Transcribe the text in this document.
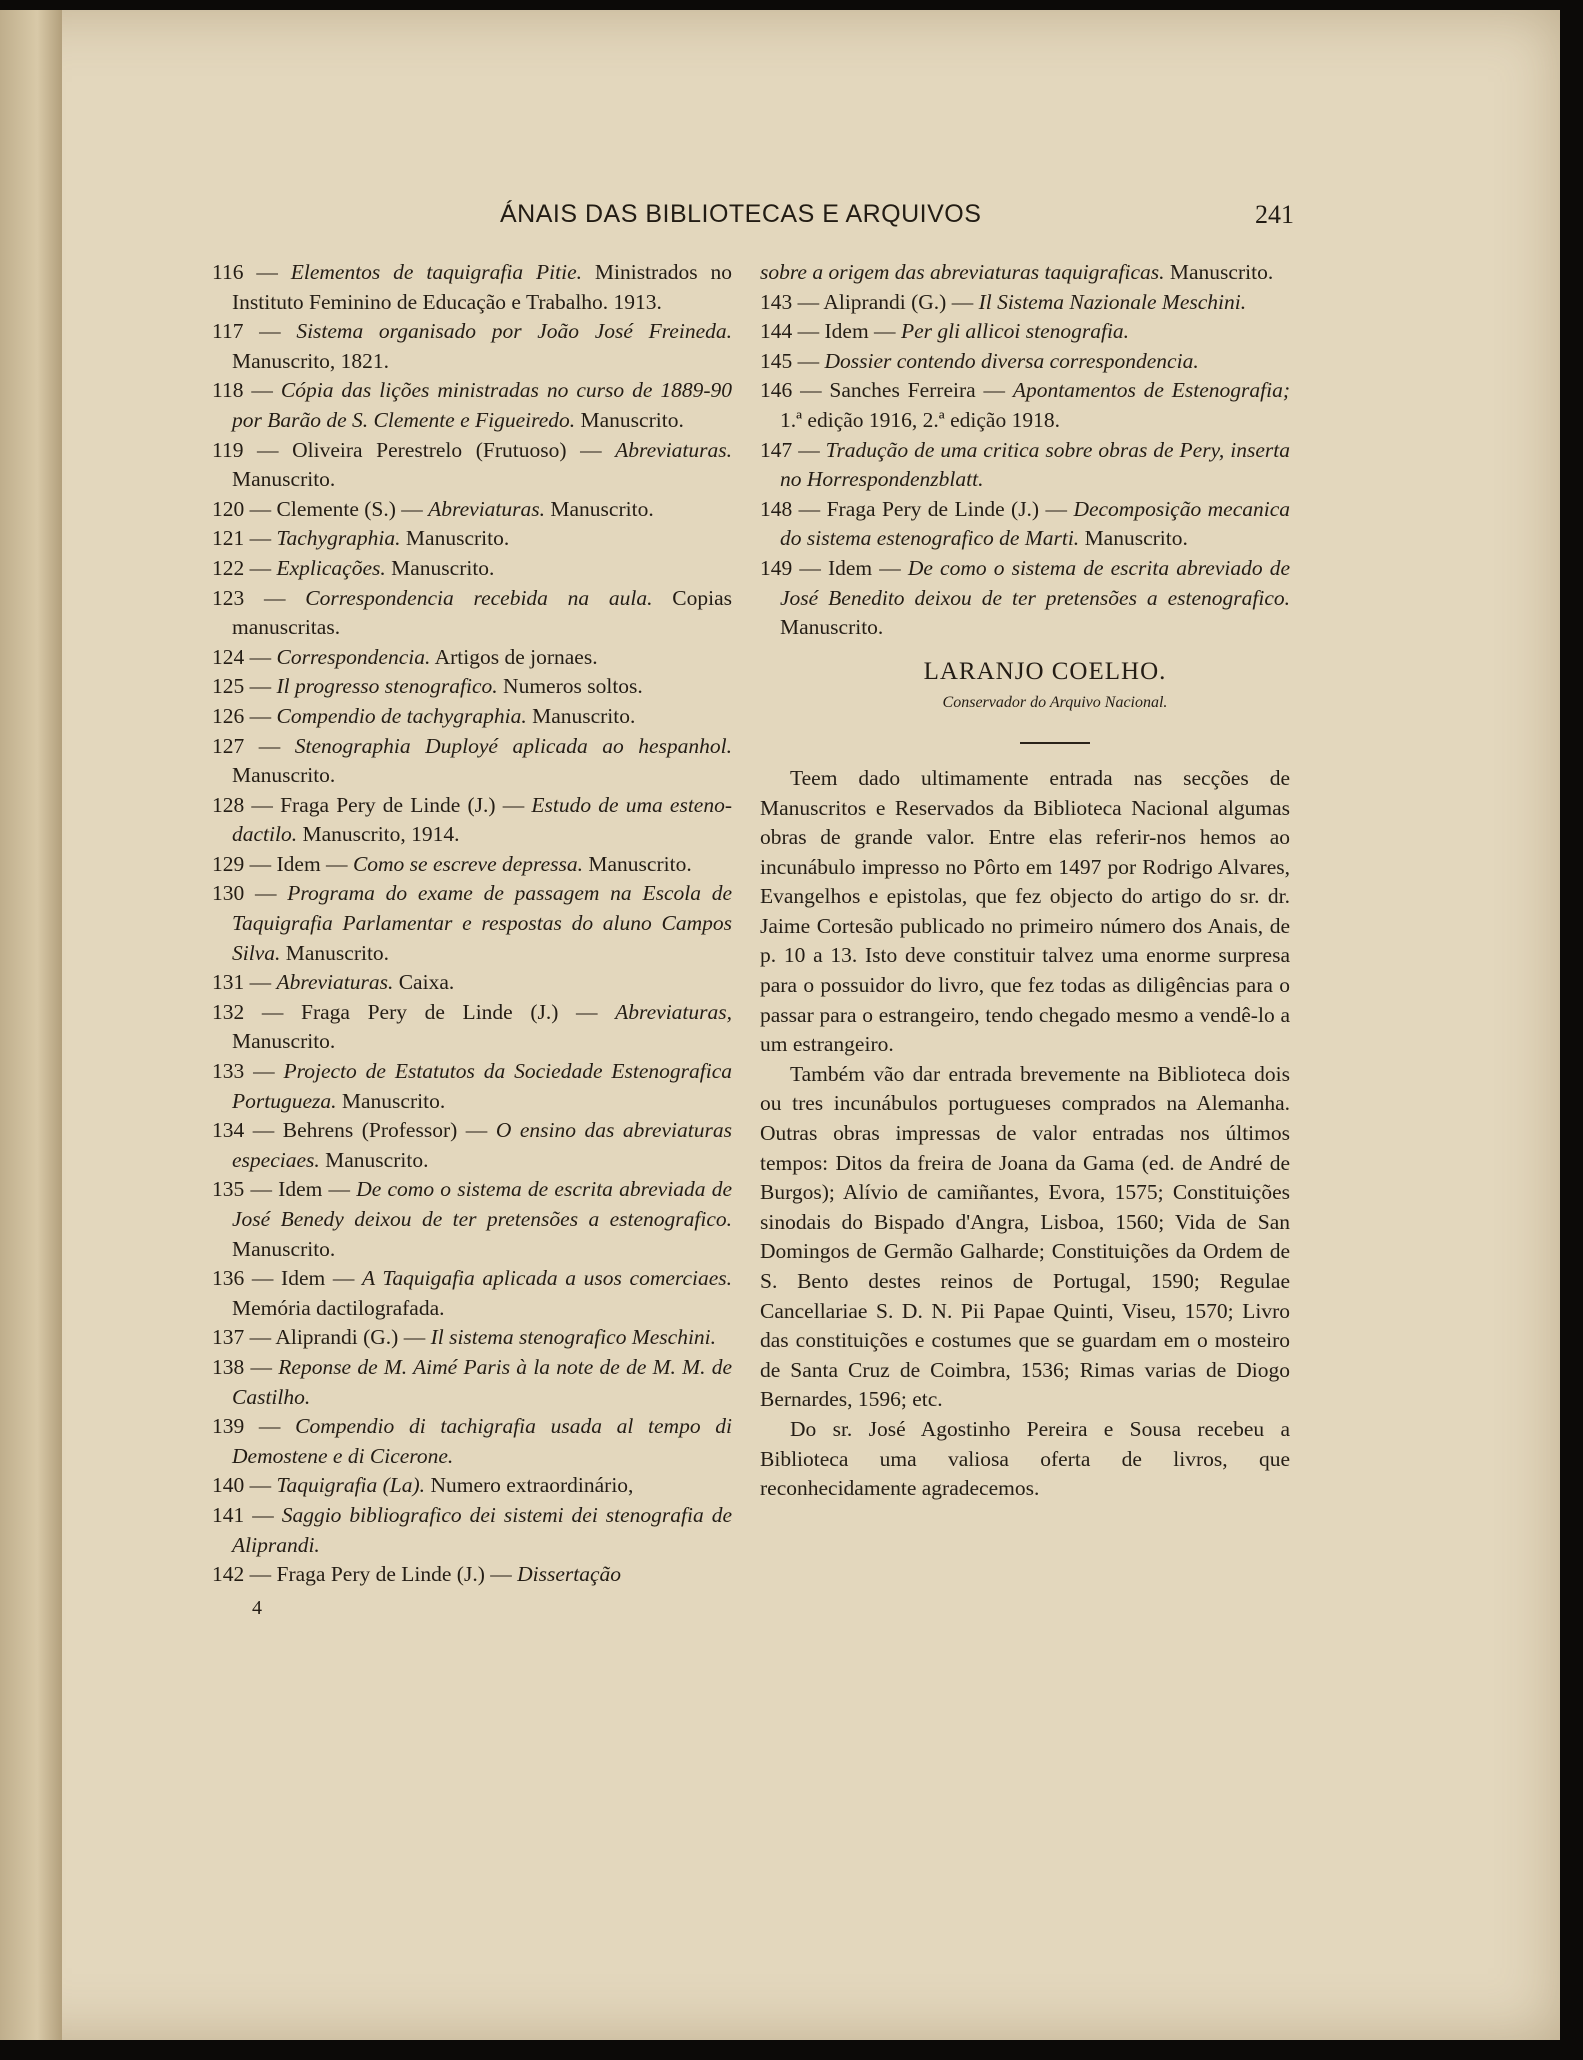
ÁNAIS DAS BIBLIOTECAS E ARQUIVOS	241

116 — Elementos de taquigrafia Pitie. Ministrados no Instituto Feminino de Educação e Trabalho. 1913.

117 — Sistema organisado por João José Freineda. Manuscrito, 1821.

118 — Cópia das lições ministradas no curso de 1889-90 por Barão de S. Clemente e Figueiredo. Manuscrito.

119 — Oliveira Perestrelo (Frutuoso) — Abreviaturas. Manuscrito.

120 — Clemente (S.) — Abreviaturas. Manuscrito.

121 — Tachygraphia. Manuscrito.

122 — Explicações. Manuscrito.

123 — Correspondencia recebida na aula. Copias manuscritas.

124 — Correspondencia. Artigos de jornaes.

125 — Il progresso stenografico. Numeros soltos.

126 — Compendio de tachygraphia. Manuscrito.

127 — Stenographia Duployé aplicada ao hespanhol. Manuscrito.

128 — Fraga Pery de Linde (J.) — Estudo de uma esteno-dactilo. Manuscrito, 1914.

129 — Idem — Como se escreve depressa. Manuscrito.

130 — Programa do exame de passagem na Escola de Taquigrafia Parlamentar e respostas do aluno Campos Silva. Manuscrito.

131 — Abreviaturas. Caixa.

132 — Fraga Pery de Linde (J.) — Abreviaturas, Manuscrito.

133 — Projecto de Estatutos da Sociedade Estenografica Portugueza. Manuscrito.

134 — Behrens (Professor) — O ensino das abreviaturas especiaes. Manuscrito.

135 — Idem — De como o sistema de escrita abreviada de José Benedy deixou de ter pretensões a estenografico. Manuscrito.

136 — Idem — A Taquigafia aplicada a usos comerciaes. Memória dactilografada.

137 — Aliprandi (G.) — Il sistema stenografico Meschini.

138 — Reponse de M. Aimé Paris à la note de de M. M. de Castilho.

139 — Compendio di tachigrafia usada al tempo di Demostene e di Cicerone.

140 — Taquigrafia (La). Numero extraordinário,

141 — Saggio bibliografico dei sistemi dei stenografia de Aliprandi.

142 — Fraga Pery de Linde (J.) — Dissertação

4

sobre a origem das abreviaturas taquigraficas. Manuscrito.

143 — Aliprandi (G.) — Il Sistema Nazionale Meschini.

144 — Idem — Per gli allicoi stenografia.

145 — Dossier contendo diversa correspondencia.

146 — Sanches Ferreira — Apontamentos de Estenografia; 1.ª edição 1916, 2.ª edição 1918.

147 — Tradução de uma critica sobre obras de Pery, inserta no Horrespondenzblatt.

148 — Fraga Pery de Linde (J.) — Decomposição mecanica do sistema estenografico de Marti. Manuscrito.

149 — Idem — De como o sistema de escrita abreviado de José Benedito deixou de ter pretensões a estenografico. Manuscrito.

LARANJO COELHO.
Conservador do Arquivo Nacional.

Teem dado ultimamente entrada nas secções de Manuscritos e Reservados da Biblioteca Nacional algumas obras de grande valor. Entre elas referir-nos hemos ao incunábulo impresso no Pôrto em 1497 por Rodrigo Alvares, Evangelhos e epistolas, que fez objecto do artigo do sr. dr. Jaime Cortesão publicado no primeiro número dos Anais, de p. 10 a 13. Isto deve constituir talvez uma enorme surpresa para o possuidor do livro, que fez todas as diligências para o passar para o estrangeiro, tendo chegado mesmo a vendê-lo a um estrangeiro.

Também vão dar entrada brevemente na Biblioteca dois ou tres incunábulos portugueses comprados na Alemanha. Outras obras impressas de valor entradas nos últimos tempos: Ditos da freira de Joana da Gama (ed. de André de Burgos); Alívio de camiñantes, Evora, 1575; Constituições sinodais do Bispado d'Angra, Lisboa, 1560; Vida de San Domingos de Germão Galharde; Constituições da Ordem de S. Bento destes reinos de Portugal, 1590; Regulae Cancellariae S. D. N. Pii Papae Quinti, Viseu, 1570; Livro das constituições e costumes que se guardam em o mosteiro de Santa Cruz de Coimbra, 1536; Rimas varias de Diogo Bernardes, 1596; etc.

Do sr. José Agostinho Pereira e Sousa recebeu a Biblioteca uma valiosa oferta de livros, que reconhecidamente agradecemos.
